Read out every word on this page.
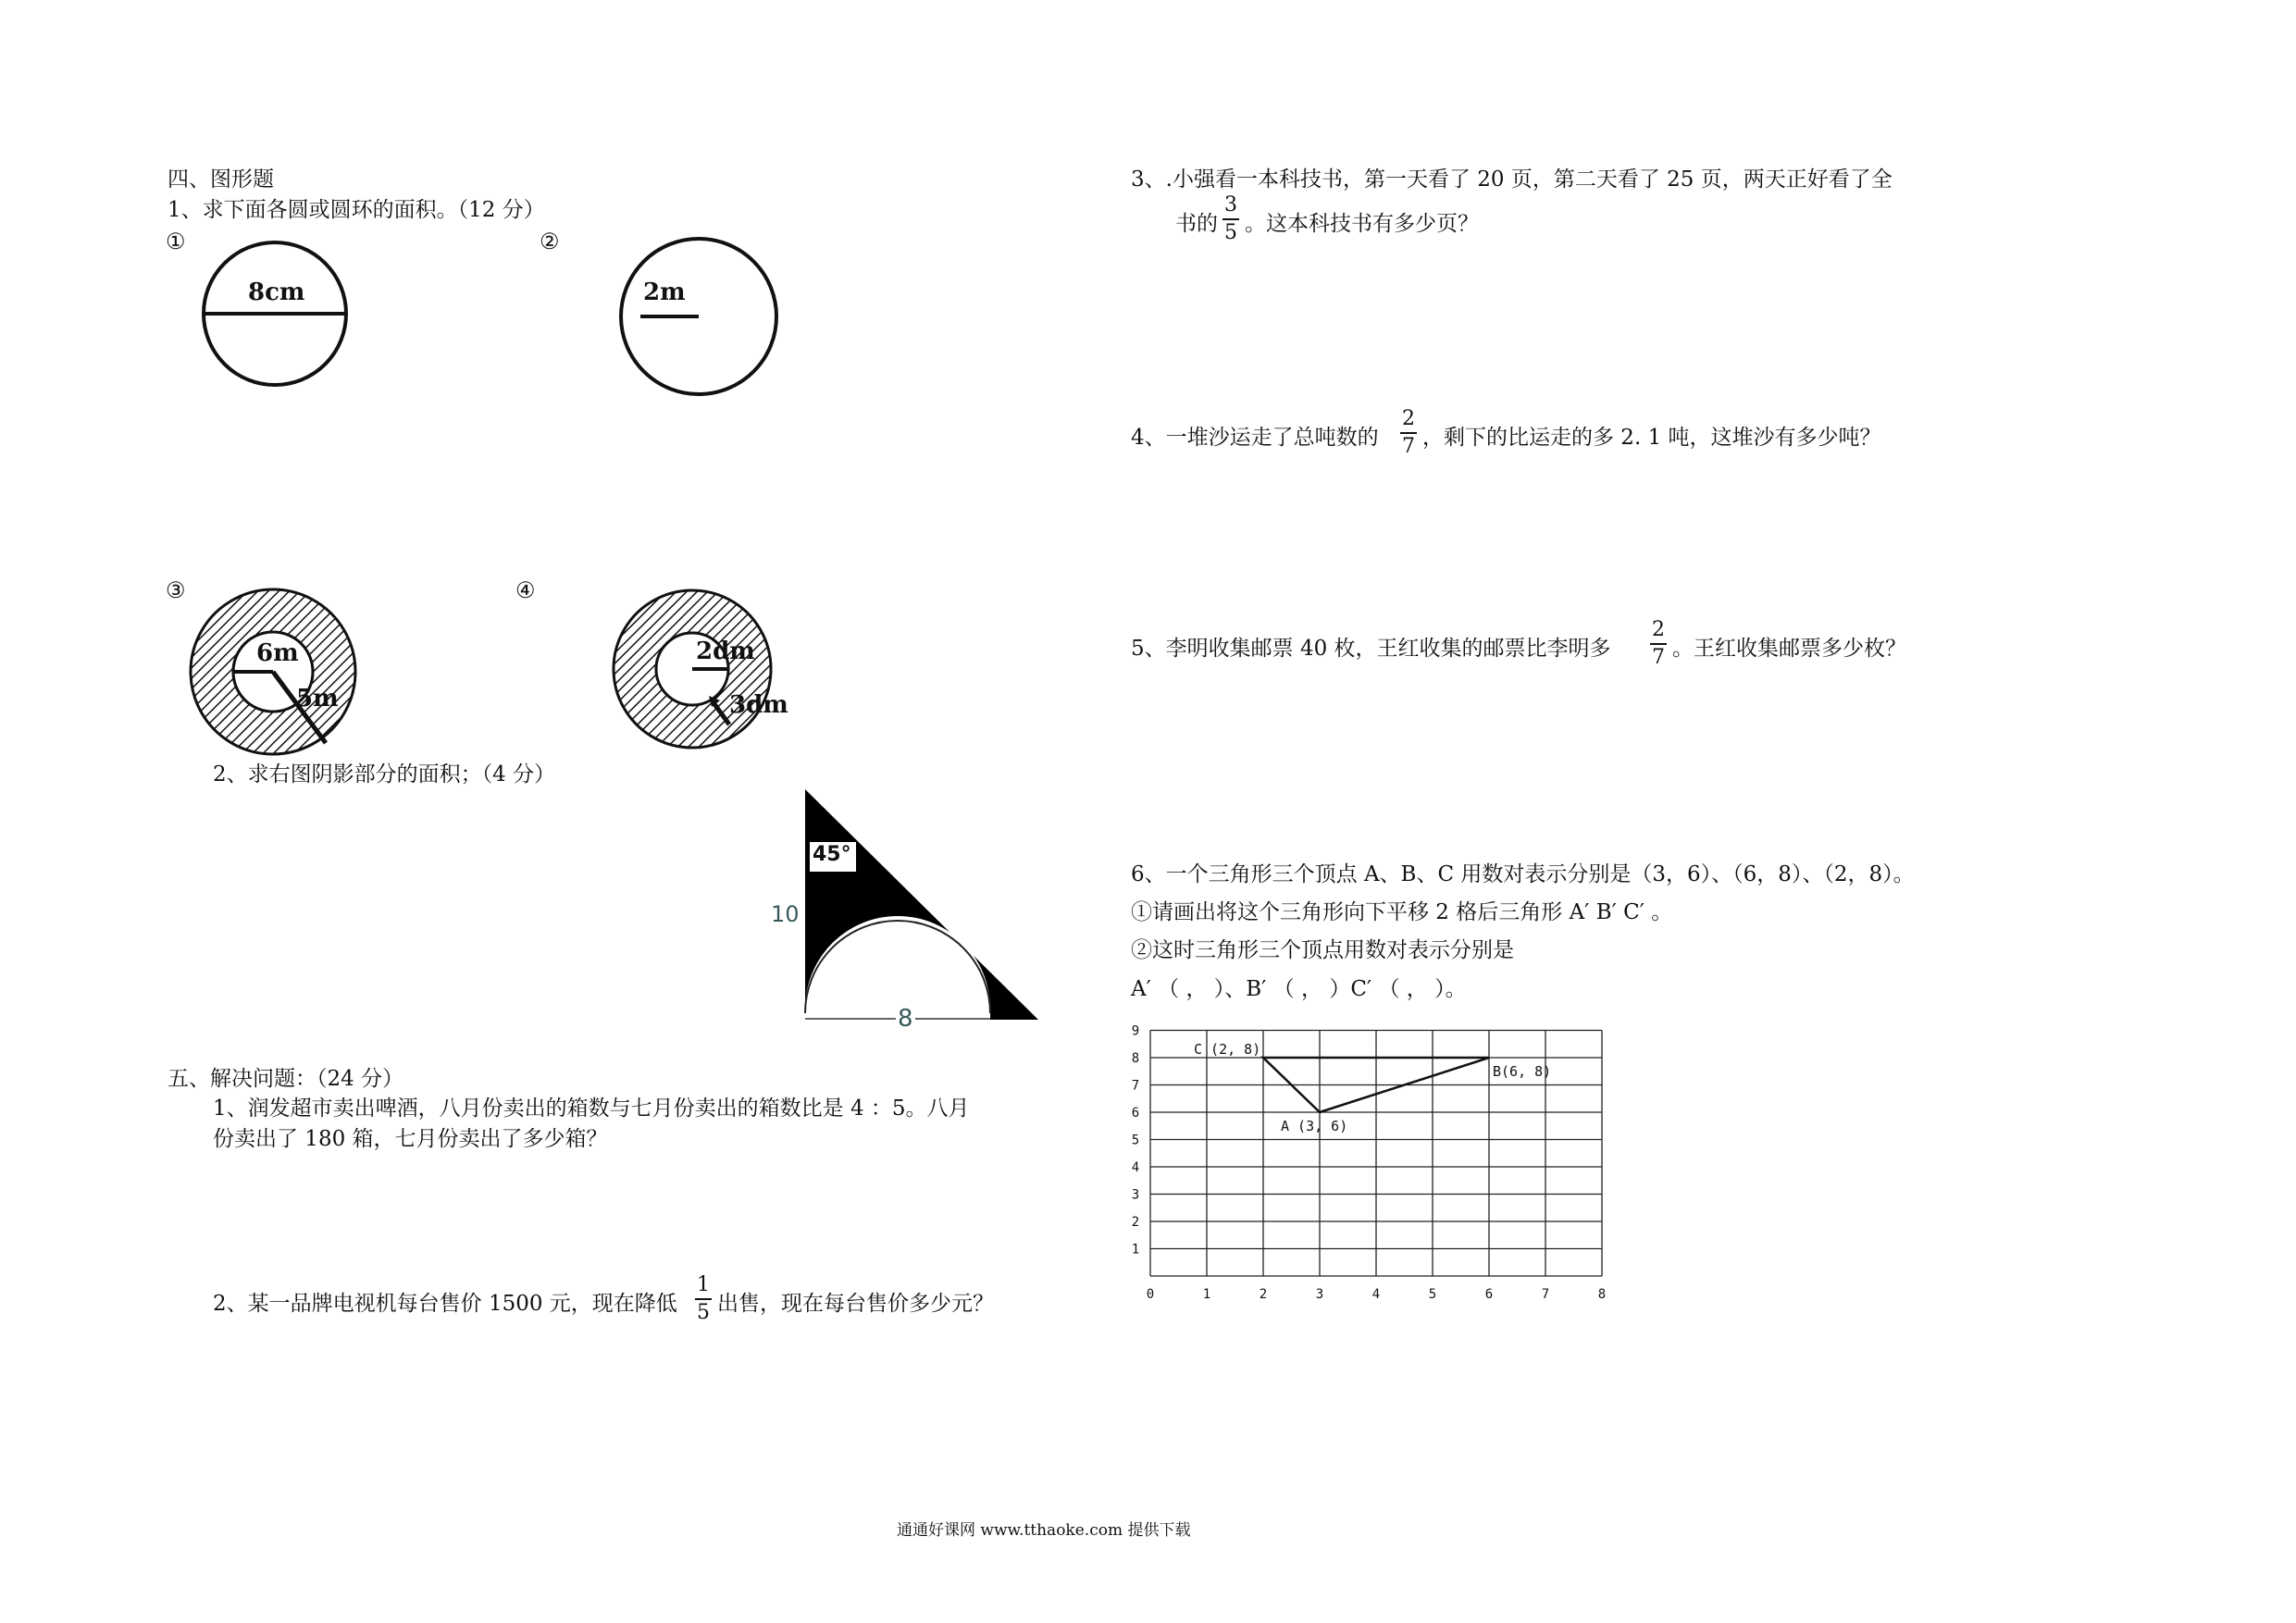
四、图形题
1、求下面各圆或圆环的面积。（12 分）
①	②
8cm	2m
③	④
6m
5m
2dm
3dm
2、求右图阴影部分的面积；（4 分）
45°
10
8
五、解决问题：（24 分）
1、润发超市卖出啤酒，八月份卖出的箱数与七月份卖出的箱数比是 4 ：5。八月
份卖出了 180 箱，七月份卖出了多少箱？
2、某一品牌电视机每台售价 1500 元，现在降低 $\frac{1}{5}$ 出售，现在每台售价多少元？
3、.小强看一本科技书，第一天看了 20 页，第二天看了 25 页，两天正好看了全
书的 $\frac{3}{5}$ 。这本科技书有多少页？
4、一堆沙运走了总吨数的 $\frac{2}{7}$ ，剩下的比运走的多 2. 1 吨，这堆沙有多少吨？
5、李明收集邮票 40 枚，王红收集的邮票比李明多 $\frac{2}{7}$ 。王红收集邮票多少枚？
6、一个三角形三个顶点 A、B、C 用数对表示分别是（3，6）、（6，8）、（2，8）。
①请画出将这个三角形向下平移 2 格后三角形 A′ B′ C′ 。
②这时三角形三个顶点用数对表示分别是
A′ （ ， ）、B′ （ ， ）C′ （ ， ）。
0	1	2	3	4	5	6	7	8
1
2
3
4
5
6
7
8
9
A (3, 6)
B(6, 8)
C (2, 8)
通通好课网 www.tthaoke.com 提供下载
